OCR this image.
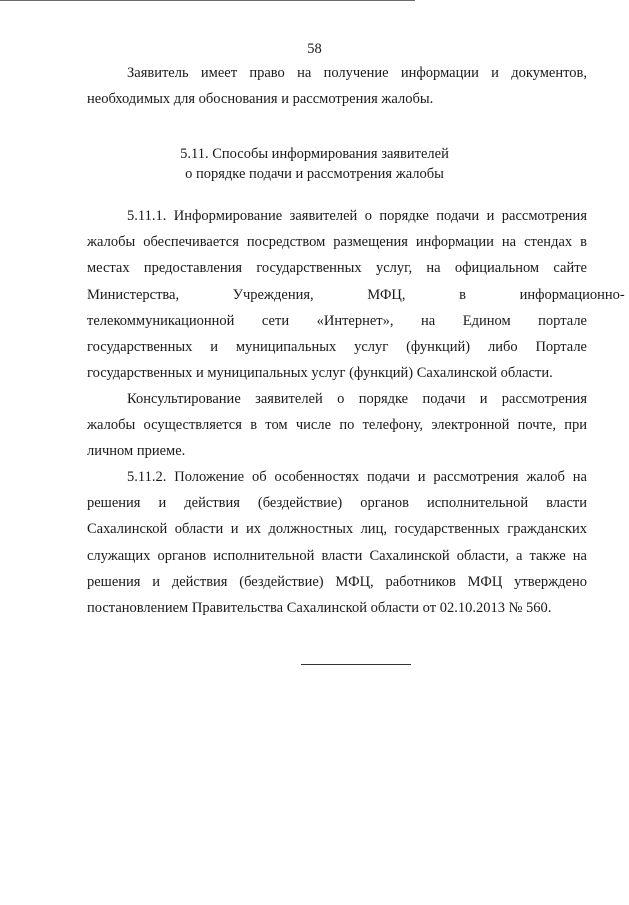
58
Заявитель имеет право на получение информации и документов,
необходимых для обоснования и рассмотрения жалобы.
5.11. Способы информирования заявителей
о порядке подачи и рассмотрения жалобы
5.11.1. Информирование заявителей о порядке подачи и рассмотрения
жалобы обеспечивается посредством размещения информации на стендах в
местах предоставления государственных услуг, на официальном сайте
Министерства, Учреждения, МФЦ, в информационно-
телекоммуникационной сети «Интернет», на Едином портале
государственных и муниципальных услуг (функций) либо Портале
государственных и муниципальных услуг (функций) Сахалинской области.
Консультирование заявителей о порядке подачи и рассмотрения
жалобы осуществляется в том числе по телефону, электронной почте, при
личном приеме.
5.11.2. Положение об особенностях подачи и рассмотрения жалоб на
решения и действия (бездействие) органов исполнительной власти
Сахалинской области и их должностных лиц, государственных гражданских
служащих органов исполнительной власти Сахалинской области, а также на
решения и действия (бездействие) МФЦ, работников МФЦ утверждено
постановлением Правительства Сахалинской области от 02.10.2013 № 560.
